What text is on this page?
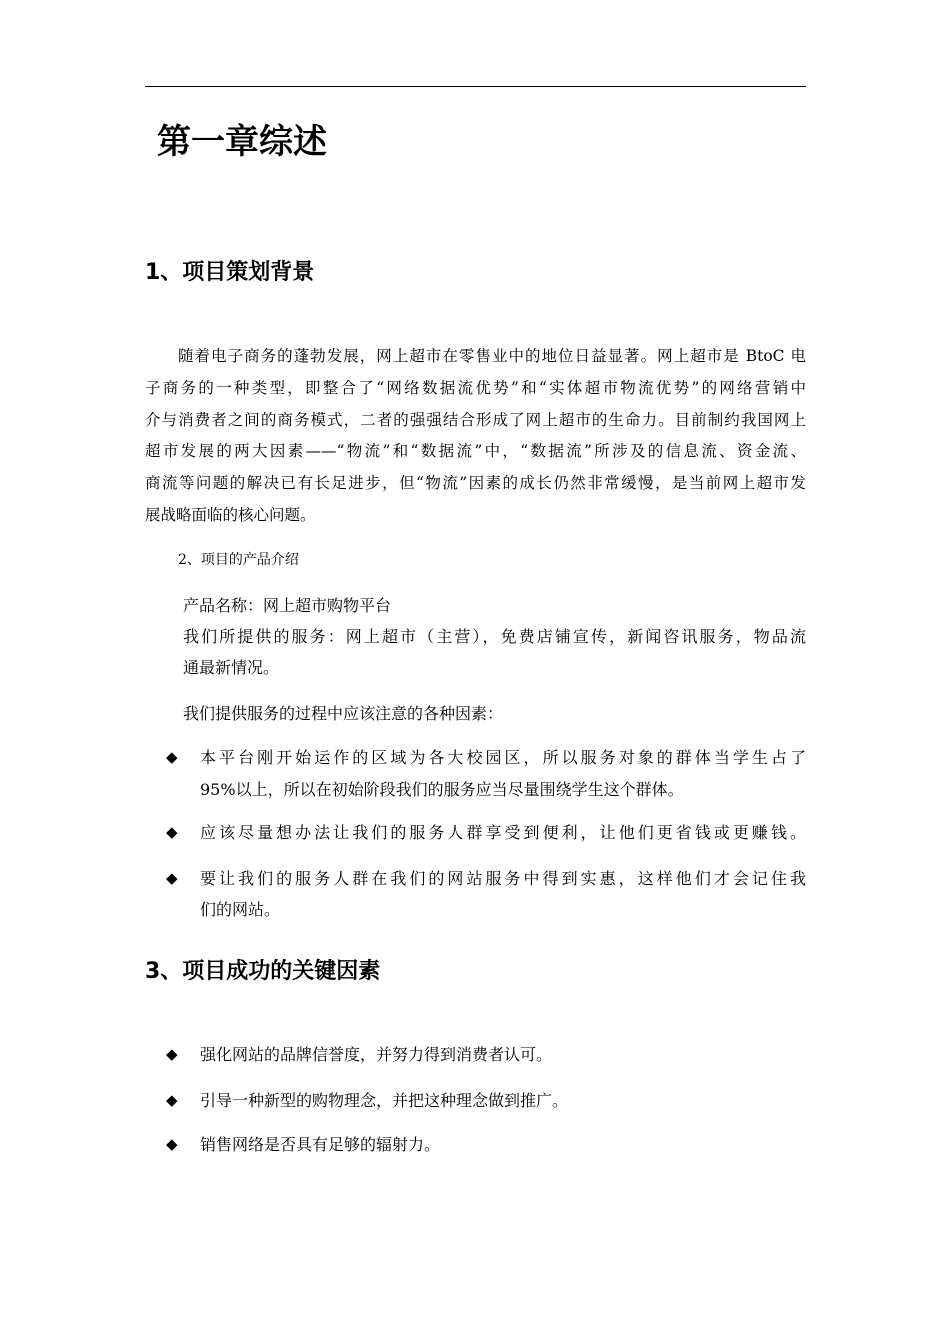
第一章综述
1、项目策划背景
随着电子商务的蓬勃发展，网上超市在零售业中的地位日益显著。网上超市是 BtoC 电
子商务的一种类型，即整合了“网络数据流优势”和“实体超市物流优势”的网络营销中
介与消费者之间的商务模式，二者的强强结合形成了网上超市的生命力。目前制约我国网上
超市发展的两大因素——“物流”和“数据流”中，“数据流”所涉及的信息流、资金流、
商流等问题的解决已有长足进步，但“物流”因素的成长仍然非常缓慢，是当前网上超市发
展战略面临的核心问题。
2、项目的产品介绍
产品名称：网上超市购物平台
我们所提供的服务：网上超市（主营），免费店铺宣传，新闻咨讯服务，物品流
通最新情况。
我们提供服务的过程中应该注意的各种因素：
◆ 本平台刚开始运作的区域为各大校园区，所以服务对象的群体当学生占了
95%以上，所以在初始阶段我们的服务应当尽量围绕学生这个群体。
◆ 应该尽量想办法让我们的服务人群享受到便利，让他们更省钱或更赚钱。
◆ 要让我们的服务人群在我们的网站服务中得到实惠，这样他们才会记住我
们的网站。
3、项目成功的关键因素
◆ 强化网站的品牌信誉度，并努力得到消费者认可。
◆ 引导一种新型的购物理念，并把这种理念做到推广。
◆ 销售网络是否具有足够的辐射力。
